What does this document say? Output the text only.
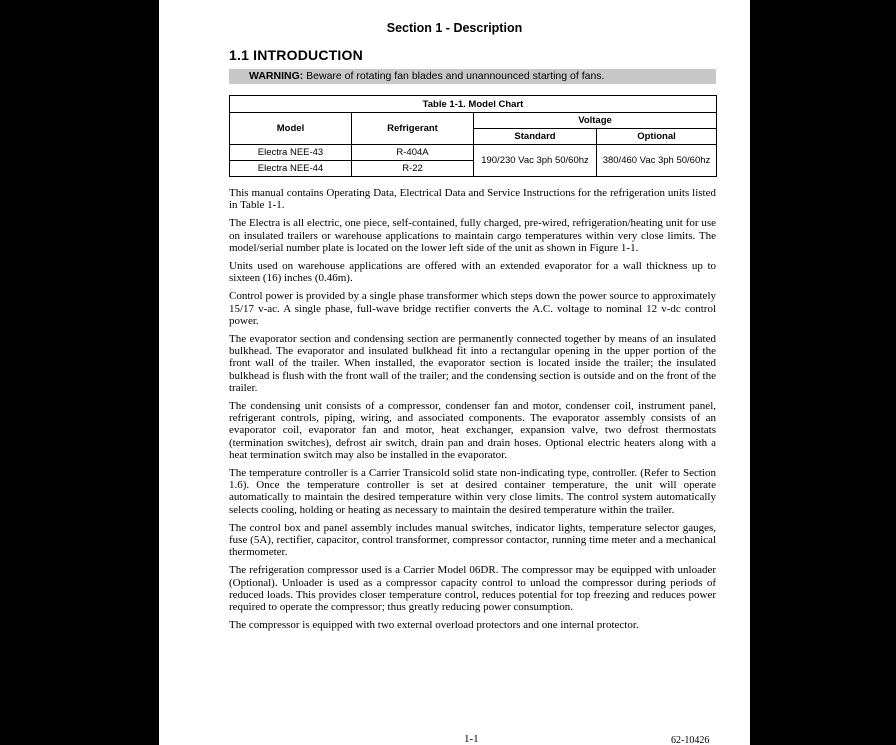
Section 1 - Description
1.1 INTRODUCTION
WARNING: Beware of rotating fan blades and unannounced starting of fans.
Table 1-1. Model Chart			
Model	Refrigerant	Voltage	
		Standard	Optional
Electra NEE-43	R-404A	190/230 Vac 3ph 50/60hz	380/460 Vac 3ph 50/60hz
Electra NEE-44	R-22		

This manual contains Operating Data, Electrical Data and Service Instructions for the refrigeration units listed in Table 1-1.

The Electra is all electric, one piece, self-contained, fully charged, pre-wired, refrigeration/heating unit for use on insulated trailers or warehouse applications to maintain cargo temperatures within very close limits. The model/serial number plate is located on the lower left side of the unit as shown in Figure 1-1.

Units used on warehouse applications are offered with an extended evaporator for a wall thickness up to sixteen (16) inches (0.46m).

Control power is provided by a single phase transformer which steps down the power source to approximately 15/17 v-ac. A single phase, full-wave bridge rectifier converts the A.C. voltage to nominal 12 v-dc control power.

The evaporator section and condensing section are permanently connected together by means of an insulated bulkhead. The evaporator and insulated bulkhead fit into a rectangular opening in the upper portion of the front wall of the trailer. When installed, the evaporator section is located inside the trailer; the insulated bulkhead is flush with the front wall of the trailer; and the condensing section is outside and on the front of the trailer.

The condensing unit consists of a compressor, condenser fan and motor, condenser coil, instrument panel, refrigerant controls, piping, wiring, and associated components. The evaporator assembly consists of an evaporator coil, evaporator fan and motor, heat exchanger, expansion valve, two defrost thermostats (termination switches), defrost air switch, drain pan and drain hoses. Optional electric heaters along with a heat termination switch may also be installed in the evaporator.

The temperature controller is a Carrier Transicold solid state non-indicating type, controller. (Refer to Section 1.6). Once the temperature controller is set at desired container temperature, the unit will operate automatically to maintain the desired temperature within very close limits. The control system automatically selects cooling, holding or heating as necessary to maintain the desired temperature within the trailer.

The control box and panel assembly includes manual switches, indicator lights, temperature selector gauges, fuse (5A), rectifier, capacitor, control transformer, compressor contactor, running time meter and a mechanical thermometer.

The refrigeration compressor used is a Carrier Model 06DR. The compressor may be equipped with unloader (Optional). Unloader is used as a compressor capacity control to unload the compressor during periods of reduced loads. This provides closer temperature control, reduces potential for top freezing and reduces power required to operate the compressor; thus greatly reducing power consumption.

The compressor is equipped with two external overload protectors and one internal protector.

1-1	62-10426
